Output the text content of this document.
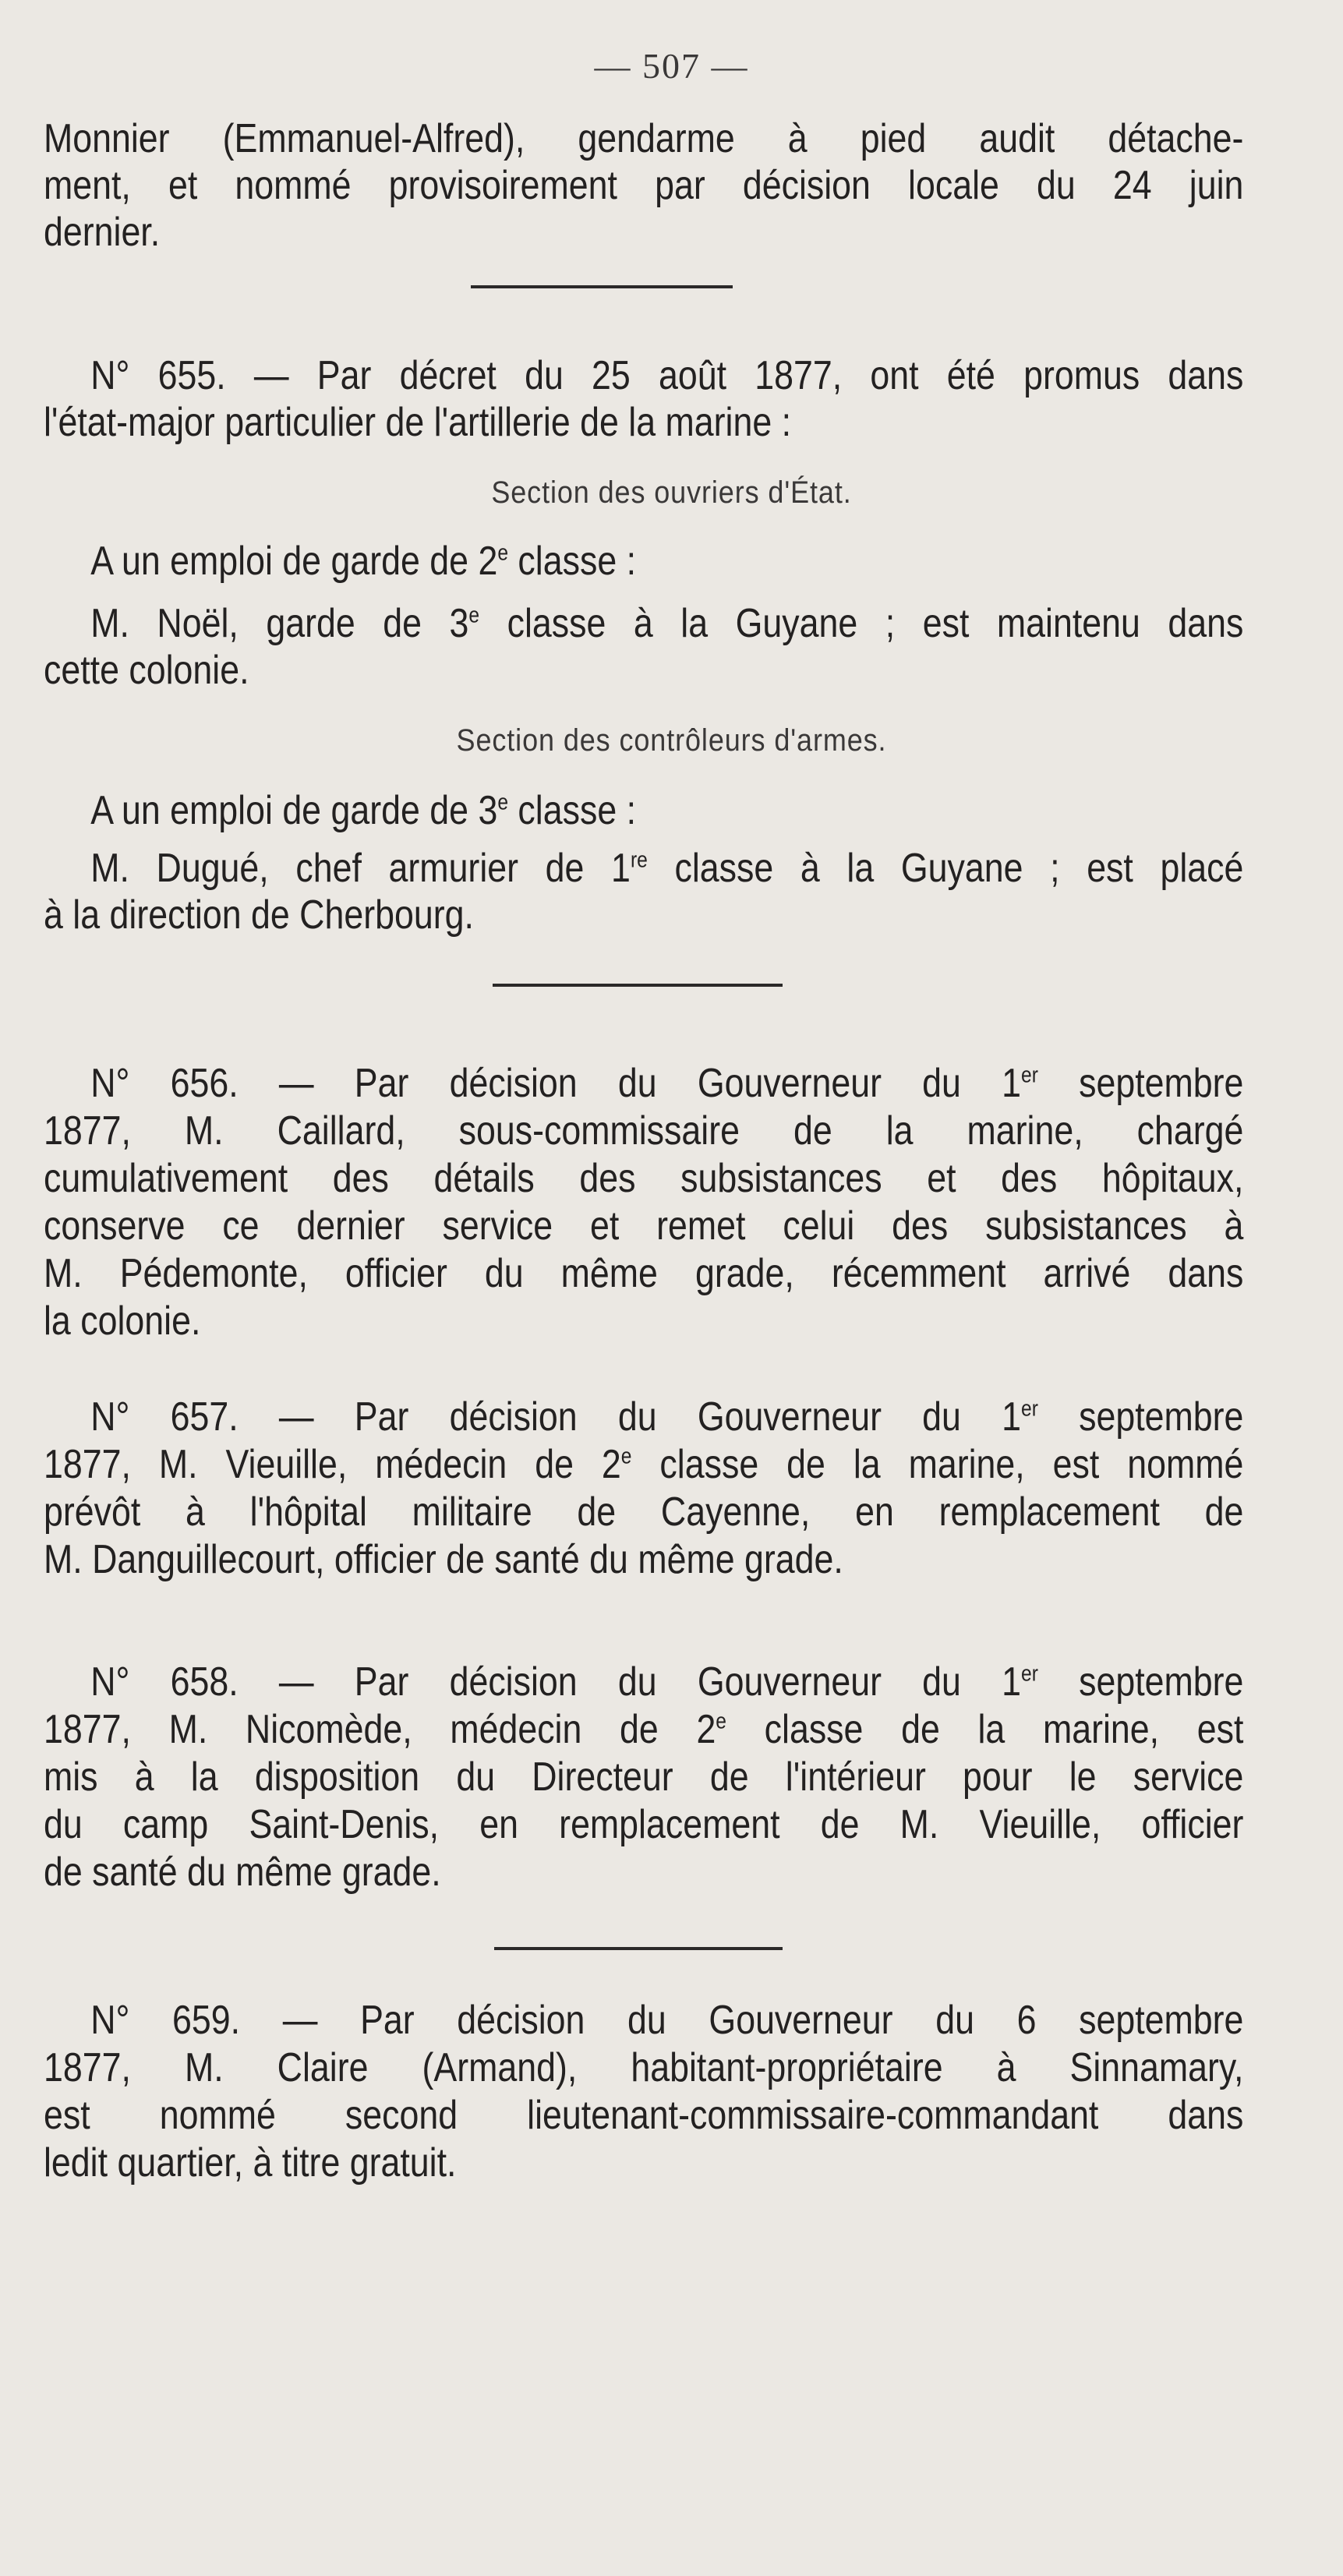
— 507 —
Monnier (Emmanuel-Alfred), gendarme à pied audit détache-
ment, et nommé provisoirement par décision locale du 24 juin
dernier.
N° 655. — Par décret du 25 août 1877, ont été promus dans
l'état-major particulier de l'artillerie de la marine :
Section des ouvriers d'État.
A un emploi de garde de 2e classe :
M. Noël, garde de 3e classe à la Guyane ; est maintenu dans
cette colonie.
Section des contrôleurs d'armes.
A un emploi de garde de 3e classe :
M. Dugué, chef armurier de 1re classe à la Guyane ; est placé
à la direction de Cherbourg.
N° 656. — Par décision du Gouverneur du 1er septembre
1877, M. Caillard, sous-commissaire de la marine, chargé
cumulativement des détails des subsistances et des hôpitaux,
conserve ce dernier service et remet celui des subsistances à
M. Pédemonte, officier du même grade, récemment arrivé dans
la colonie.
N° 657. — Par décision du Gouverneur du 1er septembre
1877, M. Vieuille, médecin de 2e classe de la marine, est nommé
prévôt à l'hôpital militaire de Cayenne, en remplacement de
M. Danguillecourt, officier de santé du même grade.
N° 658. — Par décision du Gouverneur du 1er septembre
1877, M. Nicomède, médecin de 2e classe de la marine, est
mis à la disposition du Directeur de l'intérieur pour le service
du camp Saint-Denis, en remplacement de M. Vieuille, officier
de santé du même grade.
N° 659. — Par décision du Gouverneur du 6 septembre
1877, M. Claire (Armand), habitant-propriétaire à Sinnamary,
est nommé second lieutenant-commissaire-commandant dans
ledit quartier, à titre gratuit.
